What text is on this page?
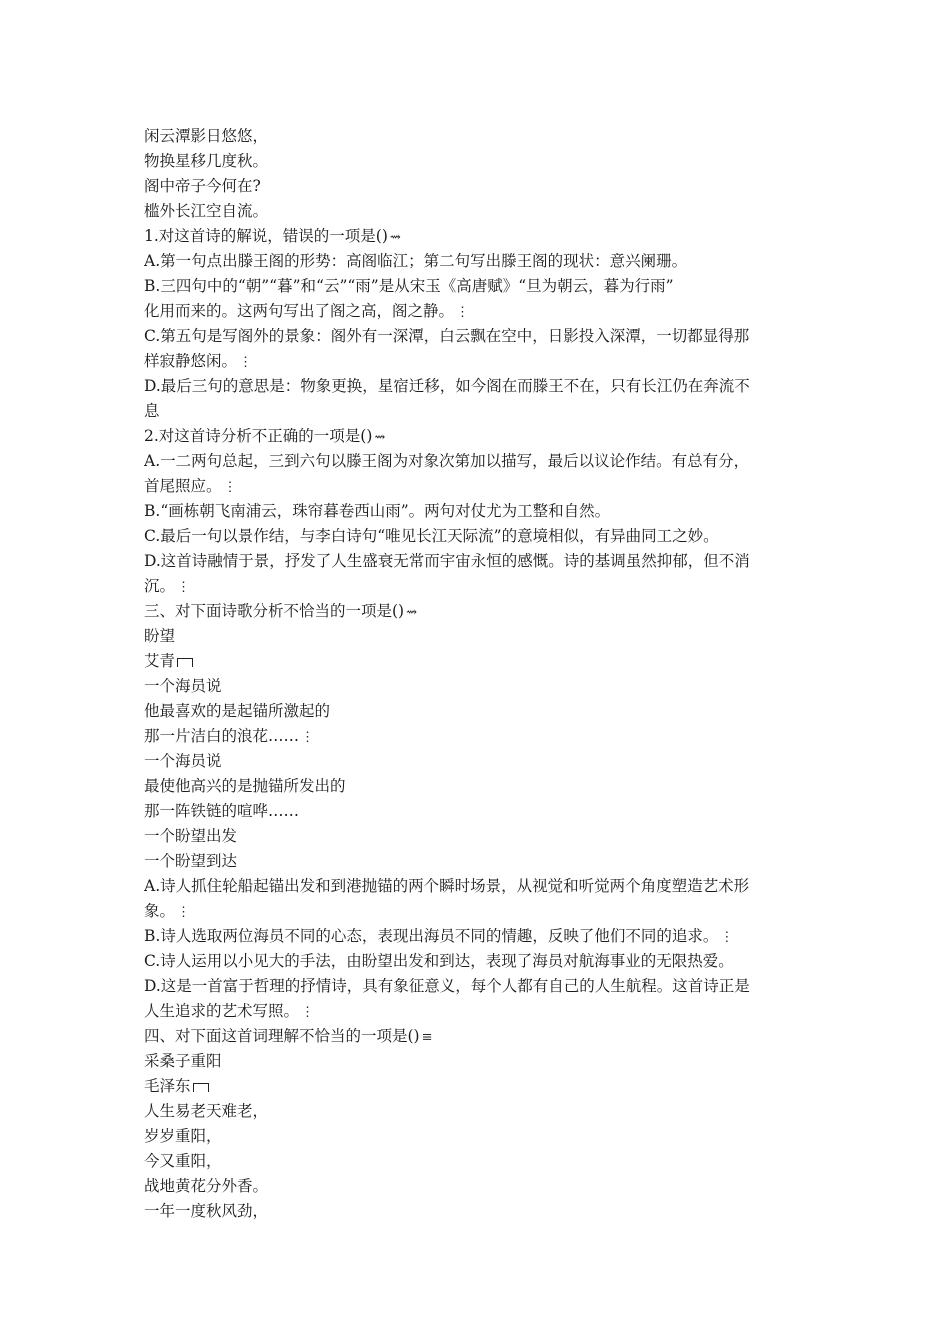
闲云潭影日悠悠，
物换星移几度秋。
阁中帝子今何在?
槛外长江空自流。
1.对这首诗的解说，错误的一项是() ⇝
A.第一句点出滕王阁的形势：高阁临江；第二句写出滕王阁的现状：意兴阑珊。
B.三四句中的“朝”“暮”和“云”“雨”是从宋玉《高唐赋》“旦为朝云，暮为行雨”
化用而来的。这两句写出了阁之高，阁之静。 ⋮
C.第五句是写阁外的景象：阁外有一深潭，白云飘在空中，日影投入深潭，一切都显得那
样寂静悠闲。 ⋮
D.最后三句的意思是：物象更换，星宿迁移，如今阁在而滕王不在，只有长江仍在奔流不
息
2.对这首诗分析不正确的一项是() ⇝
A.一二两句总起，三到六句以滕王阁为对象次第加以描写，最后以议论作结。有总有分，
首尾照应。 ⋮
B.“画栋朝飞南浦云，珠帘暮卷西山雨”。两句对仗尤为工整和自然。
C.最后一句以景作结，与李白诗句“唯见长江天际流”的意境相似，有异曲同工之妙。
D.这首诗融情于景，抒发了人生盛衰无常而宇宙永恒的感慨。诗的基调虽然抑郁，但不消
沉。 ⋮
三、对下面诗歌分析不恰当的一项是() ⇝
盼望
艾青
一个海员说
他最喜欢的是起锚所激起的
那一片洁白的浪花…… ⋮
一个海员说
最使他高兴的是抛锚所发出的
那一阵铁链的喧哗……
一个盼望出发
一个盼望到达
A.诗人抓住轮船起锚出发和到港抛锚的两个瞬时场景，从视觉和听觉两个角度塑造艺术形
象。 ⋮
B.诗人选取两位海员不同的心态，表现出海员不同的情趣，反映了他们不同的追求。 ⋮
C.诗人运用以小见大的手法，由盼望出发和到达，表现了海员对航海事业的无限热爱。
D.这是一首富于哲理的抒情诗，具有象征意义，每个人都有自己的人生航程。这首诗正是
人生追求的艺术写照。 ⋮
四、对下面这首词理解不恰当的一项是() ≡
采桑子重阳
毛泽东
人生易老天难老，
岁岁重阳，
今又重阳，
战地黄花分外香。
一年一度秋风劲，
